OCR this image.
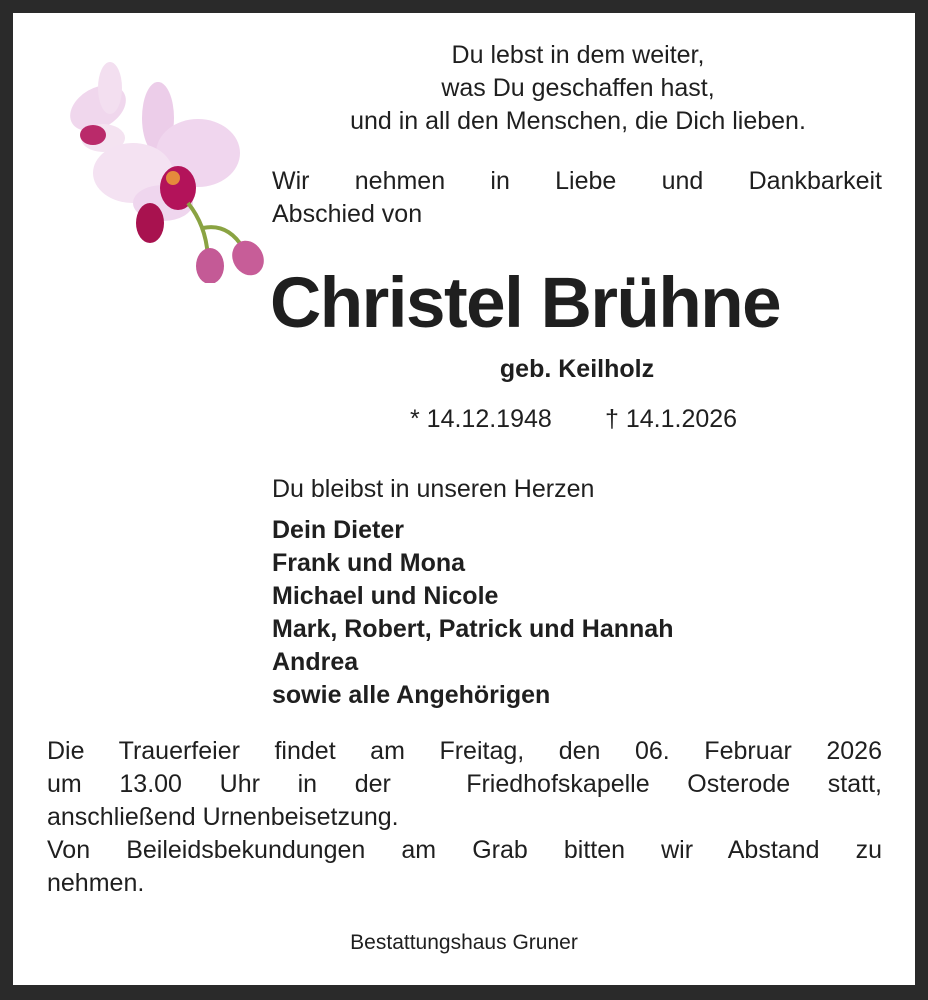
Du lebst in dem weiter,
was Du geschaffen hast,
und in all den Menschen, die Dich lieben.
Wir nehmen in Liebe und Dankbarkeit
Abschied von
Christel Brühne
geb. Keilholz
* 14.12.1948 † 14.1.2026
Du bleibst in unseren Herzen
Dein Dieter
Frank und Mona
Michael und Nicole
Mark, Robert, Patrick und Hannah
Andrea
sowie alle Angehörigen
Die Trauerfeier findet am Freitag, den 06. Februar 2026
um 13.00 Uhr in der  Friedhofskapelle Osterode statt,
anschließend Urnenbeisetzung.
Von Beileidsbekundungen am Grab bitten wir Abstand zu
nehmen.
Bestattungshaus Gruner
